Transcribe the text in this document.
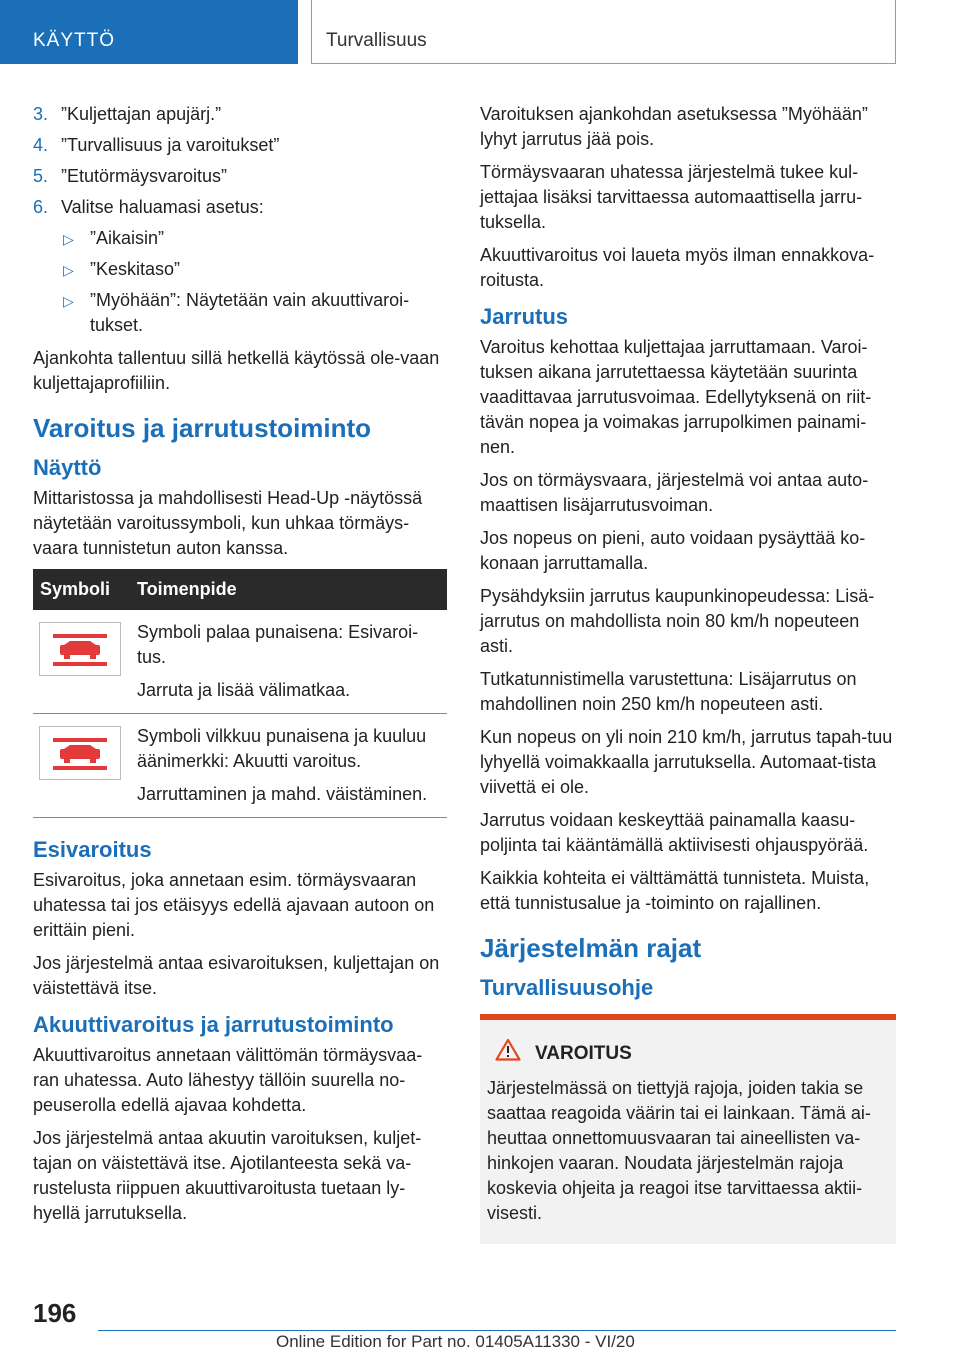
KÄYTTÖ	Turvallisuus
3. ”Kuljettajan apujärj.”
4. ”Turvallisuus ja varoitukset”
5. ”Etutörmäysvaroitus”
6. Valitse haluamasi asetus:
▷ ”Aikaisin”
▷ ”Keskitaso”
▷ ”Myöhään”: Näytetään vain akuuttivaroi-tukset.

Ajankohta tallentuu sillä hetkellä käytössä ole-vaan kuljettajaprofiiliin.

Varoitus ja jarrutustoiminto
Näyttö

Mittaristossa ja mahdollisesti Head-Up -näytössä näytetään varoitussymboli, kun uhkaa törmäys-vaara tunnistetun auton kanssa.

Symboli	Toimenpide

Symboli palaa punaisena: Esivaroi-tus.

Jarruta ja lisää välimatkaa.

Symboli vilkkuu punaisena ja kuuluu äänimerkki: Akuutti varoitus.

Jarruttaminen ja mahd. väistäminen.

Esivaroitus

Esivaroitus, joka annetaan esim. törmäysvaaran uhatessa tai jos etäisyys edellä ajavaan autoon on erittäin pieni.

Jos järjestelmä antaa esivaroituksen, kuljettajan on väistettävä itse.

Akuuttivaroitus ja jarrutustoiminto

Akuuttivaroitus annetaan välittömän törmäysvaa-ran uhatessa. Auto lähestyy tällöin suurella no-peuserolla edellä ajavaa kohdetta.

Jos järjestelmä antaa akuutin varoituksen, kuljet-tajan on väistettävä itse. Ajotilanteesta sekä va-rustelusta riippuen akuuttivaroitusta tuetaan ly-hyellä jarrutuksella.

Varoituksen ajankohdan asetuksessa ”Myöhään” lyhyt jarrutus jää pois.

Törmäysvaaran uhatessa järjestelmä tukee kul-jettajaa lisäksi tarvittaessa automaattisella jarru-tuksella.

Akuuttivaroitus voi laueta myös ilman ennakkova-roitusta.

Jarrutus

Varoitus kehottaa kuljettajaa jarruttamaan. Varoi-tuksen aikana jarrutettaessa käytetään suurinta vaadittavaa jarrutusvoimaa. Edellytyksenä on riit-tävän nopea ja voimakas jarrupolkimen painami-nen.

Jos on törmäysvaara, järjestelmä voi antaa auto-maattisen lisäjarrutusvoiman.

Jos nopeus on pieni, auto voidaan pysäyttää ko-konaan jarruttamalla.

Pysähdyksiin jarrutus kaupunkinopeudessa: Lisä-jarrutus on mahdollista noin 80 km/h nopeuteen asti.

Tutkatunnistimella varustettuna: Lisäjarrutus on mahdollinen noin 250 km/h nopeuteen asti.

Kun nopeus on yli noin 210 km/h, jarrutus tapah-tuu lyhyellä voimakkaalla jarrutuksella. Automaat-tista viivettä ei ole.

Jarrutus voidaan keskeyttää painamalla kaasu-poljinta tai kääntämällä aktiivisesti ohjauspyörää.

Kaikkia kohteita ei välttämättä tunnisteta. Muista, että tunnistusalue ja -toiminto on rajallinen.

Järjestelmän rajat
Turvallisuusohje
VAROITUS

Järjestelmässä on tiettyjä rajoja, joiden takia se saattaa reagoida väärin tai ei lainkaan. Tämä ai-heuttaa onnettomuusvaaran tai aineellisten va-hinkojen vaaran. Noudata järjestelmän rajoja koskevia ohjeita ja reagoi itse tarvittaessa aktii-visesti.

196
Online Edition for Part no. 01405A11330 - VI/20
